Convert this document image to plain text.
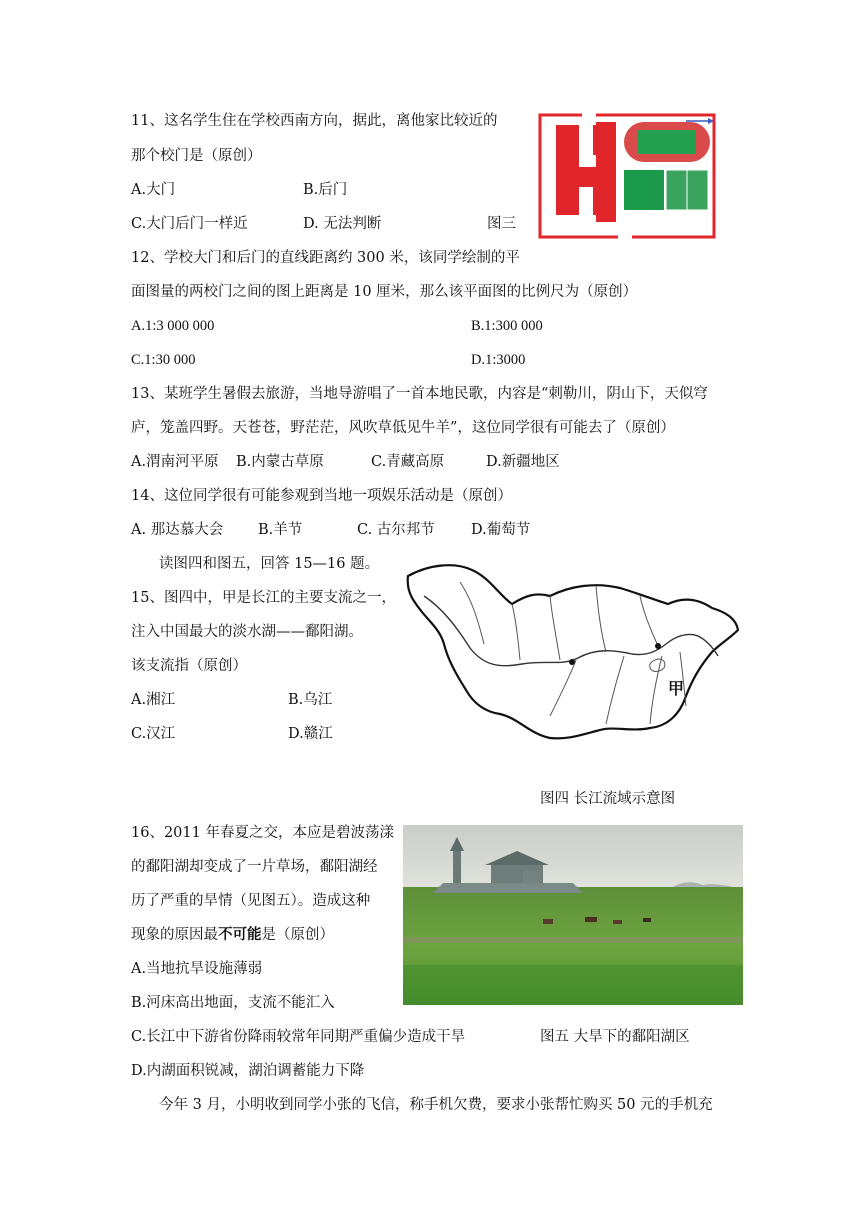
11、这名学生住在学校西南方向，据此，离他家比较近的
那个校门是（原创）
A.大门	B.后门
C.大门后门一样近	D. 无法判断	图三
12、学校大门和后门的直线距离约 300 米，该同学绘制的平
面图量的两校门之间的图上距离是 10 厘米，那么该平面图的比例尺为（原创）
A.1:3 000 000	B.1:300 000
C.1:30 000	D.1:3000
13、某班学生暑假去旅游，当地导游唱了一首本地民歌，内容是“刺勒川，阴山下，天似穹
庐，笼盖四野。天苍苍，野茫茫，风吹草低见牛羊”，这位同学很有可能去了（原创）
A.渭南河平原 B.内蒙古草原	C.青藏高原	D.新疆地区
14、这位同学很有可能参观到当地一项娱乐活动是（原创）
A. 那达慕大会 B.羊节	C. 古尔邦节 D.葡萄节
读图四和图五，回答 15—16 题。
15、图四中，甲是长江的主要支流之一，
注入中国最大的淡水湖——鄱阳湖。
该支流指（原创）
A.湘江	B.乌江
C.汉江	D.赣江
甲
图四 长江流域示意图
16、2011 年春夏之交，本应是碧波荡漾
的鄱阳湖却变成了一片草场，鄱阳湖经
历了严重的旱情（见图五）。造成这种
现象的原因最不可能是（原创）
A.当地抗旱设施薄弱
B.河床高出地面，支流不能汇入
C.长江中下游省份降雨较常年同期严重偏少造成干旱	图五 大旱下的鄱阳湖区
D.内湖面积锐减，湖泊调蓄能力下降
今年 3 月，小明收到同学小张的飞信，称手机欠费，要求小张帮忙购买 50 元的手机充
